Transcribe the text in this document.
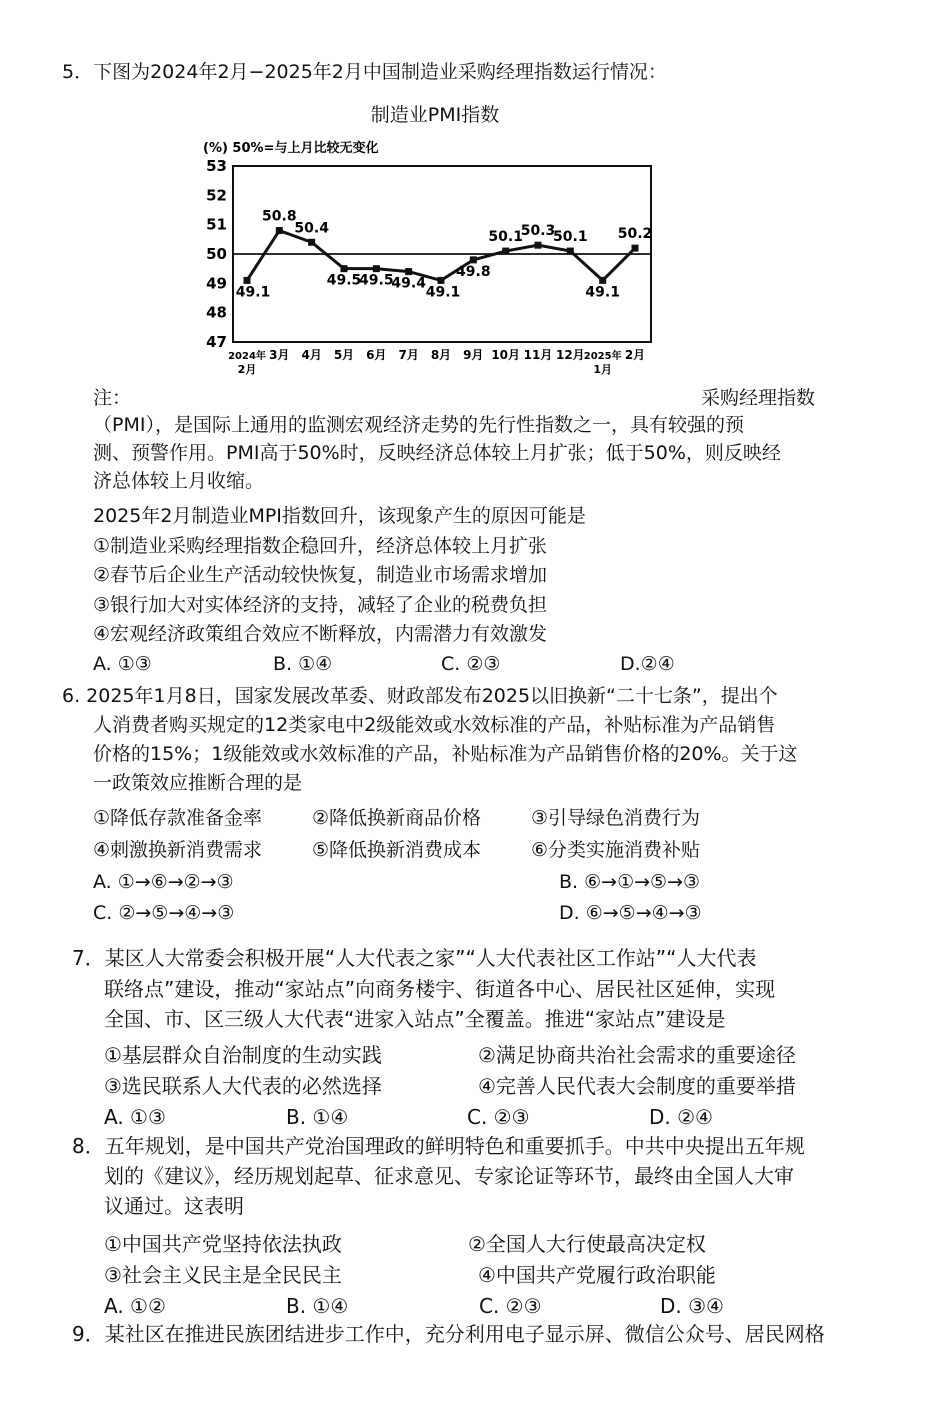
5．下图为2024年2月−2025年2月中国制造业采购经理指数运行情况：
制造业PMI指数
(%) 50%=与上月比较无变化
53
52
51
50
49
48
47
49.1
50.8
50.4
49.5
49.5
49.4
49.1
49.8
50.1
50.3
50.1
49.1
50.2
2024年 3月 4月 5月 6月 7月 8月 9月 10月 11月 12月 2025年 2月
2月	1月
注：	采购经理指数
（PMI），是国际上通用的监测宏观经济走势的先行性指数之一，具有较强的预
测、预警作用。PMI高于50%时，反映经济总体较上月扩张；低于50%，则反映经
济总体较上月收缩。
2025年2月制造业MPI指数回升，该现象产生的原因可能是
①制造业采购经理指数企稳回升，经济总体较上月扩张
②春节后企业生产活动较快恢复，制造业市场需求增加
③银行加大对实体经济的支持，减轻了企业的税费负担
④宏观经济政策组合效应不断释放，内需潜力有效激发
A. ①③	B. ①④	C. ②③	D.②④
6. 2025年1月8日，国家发展改革委、财政部发布2025以旧换新“二十七条”，提出个
人消费者购买规定的12类家电中2级能效或水效标准的产品，补贴标准为产品销售
价格的15%；1级能效或水效标准的产品，补贴标准为产品销售价格的20%。关于这
一政策效应推断合理的是
①降低存款准备金率	②降低换新商品价格	③引导绿色消费行为
④刺激换新消费需求	⑤降低换新消费成本	⑥分类实施消费补贴
A. ①→⑥→②→③	B. ⑥→①→⑤→③
C. ②→⑤→④→③	D. ⑥→⑤→④→③
7．某区人大常委会积极开展“人大代表之家”“人大代表社区工作站”“人大代表
联络点”建设，推动“家站点”向商务楼宇、街道各中心、居民社区延伸，实现
全国、市、区三级人大代表“进家入站点”全覆盖。推进“家站点”建设是
①基层群众自治制度的生动实践	②满足协商共治社会需求的重要途径
③选民联系人大代表的必然选择	④完善人民代表大会制度的重要举措
A. ①③	B. ①④	C. ②③	D. ②④
8．五年规划，是中国共产党治国理政的鲜明特色和重要抓手。中共中央提出五年规
划的《建议》，经历规划起草、征求意见、专家论证等环节，最终由全国人大审
议通过。这表明
①中国共产党坚持依法执政	②全国人大行使最高决定权
③社会主义民主是全民民主	④中国共产党履行政治职能
A. ①②	B. ①④	C. ②③	D. ③④
9．某社区在推进民族团结进步工作中，充分利用电子显示屏、微信公众号、居民网格
